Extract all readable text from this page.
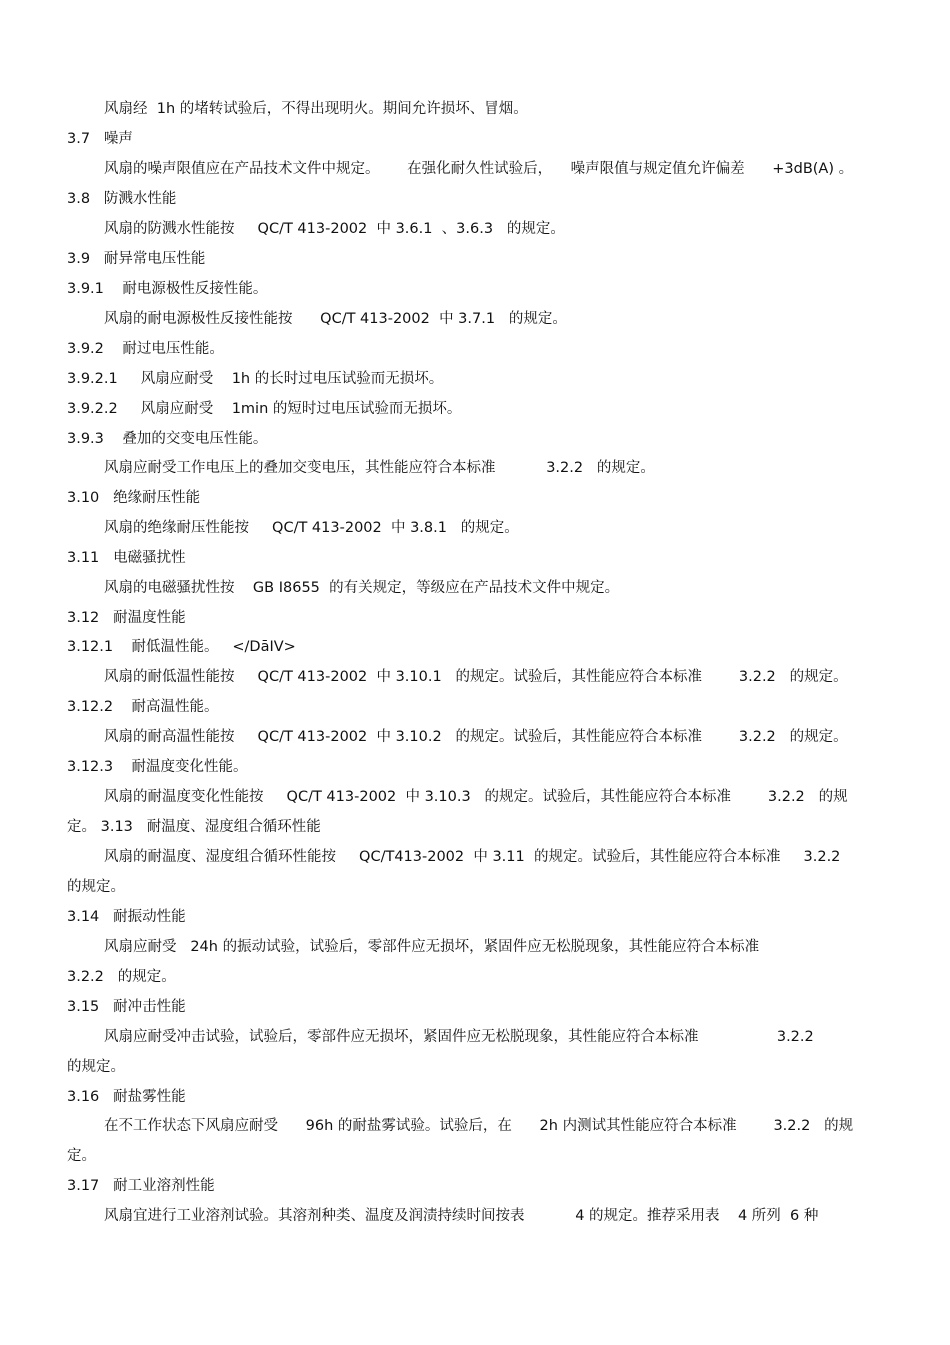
风扇经  1h 的堵转试验后，不得出现明火。期间允许损坏、冒烟。
3.7   噪声
风扇的噪声限值应在产品技术文件中规定。      在强化耐久性试验后，    噪声限值与规定值允许偏差      +3dB(A) 。
3.8   防溅水性能
风扇的防溅水性能按     QC/T 413-2002  中 3.6.1  、3.6.3   的规定。
3.9   耐异常电压性能
3.9.1    耐电源极性反接性能。
风扇的耐电源极性反接性能按      QC/T 413-2002  中 3.7.1   的规定。
3.9.2    耐过电压性能。
3.9.2.1     风扇应耐受    1h 的长时过电压试验而无损坏。
3.9.2.2     风扇应耐受    1min 的短时过电压试验而无损坏。
3.9.3    叠加的交变电压性能。
风扇应耐受工作电压上的叠加交变电压，其性能应符合本标准           3.2.2   的规定。
3.10   绝缘耐压性能
风扇的绝缘耐压性能按     QC/T 413-2002  中 3.8.1   的规定。
3.11   电磁骚扰性
风扇的电磁骚扰性按    GB I8655  的有关规定，等级应在产品技术文件中规定。
3.12   耐温度性能
3.12.1    耐低温性能。   </DāIV>
风扇的耐低温性能按     QC/T 413-2002  中 3.10.1   的规定。试验后，其性能应符合本标准        3.2.2   的规定。
3.12.2    耐高温性能。
风扇的耐高温性能按     QC/T 413-2002  中 3.10.2   的规定。试验后，其性能应符合本标准        3.2.2   的规定。
3.12.3    耐温度变化性能。
风扇的耐温度变化性能按     QC/T 413-2002  中 3.10.3   的规定。试验后，其性能应符合本标准        3.2.2   的规
定。 3.13   耐温度、湿度组合循环性能
风扇的耐温度、湿度组合循环性能按     QC/T413-2002  中 3.11  的规定。试验后，其性能应符合本标准     3.2.2
的规定。
3.14   耐振动性能
风扇应耐受   24h 的振动试验，试验后，零部件应无损坏，紧固件应无松脱现象，其性能应符合本标准
3.2.2   的规定。
3.15   耐冲击性能
风扇应耐受冲击试验，试验后，零部件应无损坏，紧固件应无松脱现象，其性能应符合本标准                 3.2.2
的规定。
3.16   耐盐雾性能
在不工作状态下风扇应耐受      96h 的耐盐雾试验。试验后，在      2h 内测试其性能应符合本标准        3.2.2   的规
定。
3.17   耐工业溶剂性能
风扇宜进行工业溶剂试验。其溶剂种类、温度及润渍持续时间按表           4 的规定。推荐采用表    4 所列  6 种
